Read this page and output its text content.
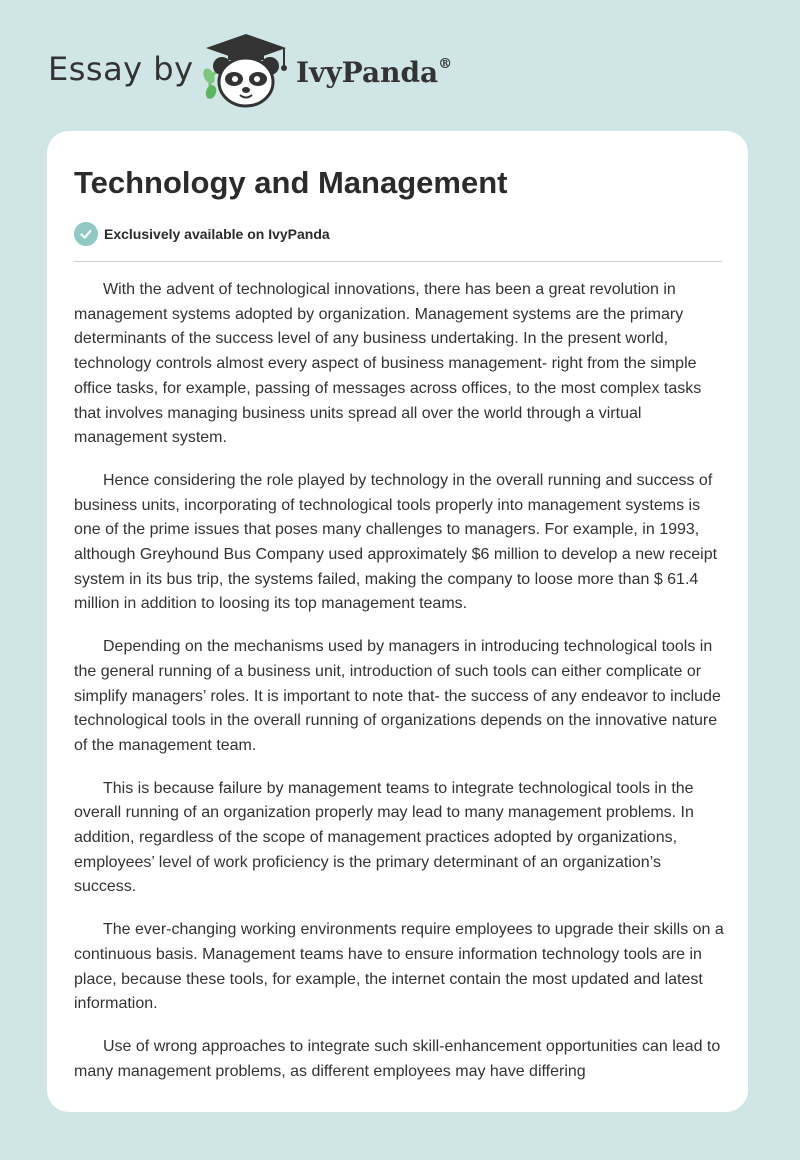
Essay by	IvyPanda®
Technology and Management
Exclusively available on IvyPanda

With the advent of technological innovations, there has been a great revolution in management systems adopted by organization. Management systems are the primary determinants of the success level of any business undertaking. In the present world, technology controls almost every aspect of business management- right from the simple office tasks, for example, passing of messages across offices, to the most complex tasks that involves managing business units spread all over the world through a virtual management system.

Hence considering the role played by technology in the overall running and success of business units, incorporating of technological tools properly into management systems is one of the prime issues that poses many challenges to managers. For example, in 1993, although Greyhound Bus Company used approximately $6 million to develop a new receipt system in its bus trip, the systems failed, making the company to loose more than $ 61.4 million in addition to loosing its top management teams.

Depending on the mechanisms used by managers in introducing technological tools in the general running of a business unit, introduction of such tools can either complicate or simplify managers’ roles. It is important to note that- the success of any endeavor to include technological tools in the overall running of organizations depends on the innovative nature of the management team.

This is because failure by management teams to integrate technological tools in the overall running of an organization properly may lead to many management problems. In addition, regardless of the scope of management practices adopted by organizations, employees’ level of work proficiency is the primary determinant of an organization’s success.

The ever-changing working environments require employees to upgrade their skills on a continuous basis. Management teams have to ensure information technology tools are in place, because these tools, for example, the internet contain the most updated and latest information.

Use of wrong approaches to integrate such skill-enhancement opportunities can lead to many management problems, as different employees may have differing
